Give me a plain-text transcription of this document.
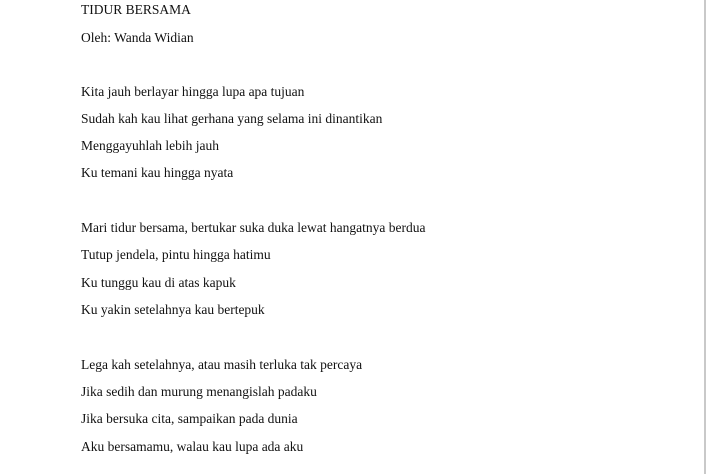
TIDUR BERSAMA
Oleh: Wanda Widian
Kita jauh berlayar hingga lupa apa tujuan
Sudah kah kau lihat gerhana yang selama ini dinantikan
Menggayuhlah lebih jauh
Ku temani kau hingga nyata
Mari tidur bersama, bertukar suka duka lewat hangatnya berdua
Tutup jendela, pintu hingga hatimu
Ku tunggu kau di atas kapuk
Ku yakin setelahnya kau bertepuk
Lega kah setelahnya, atau masih terluka tak percaya
Jika sedih dan murung menangislah padaku
Jika bersuka cita, sampaikan pada dunia
Aku bersamamu, walau kau lupa ada aku
